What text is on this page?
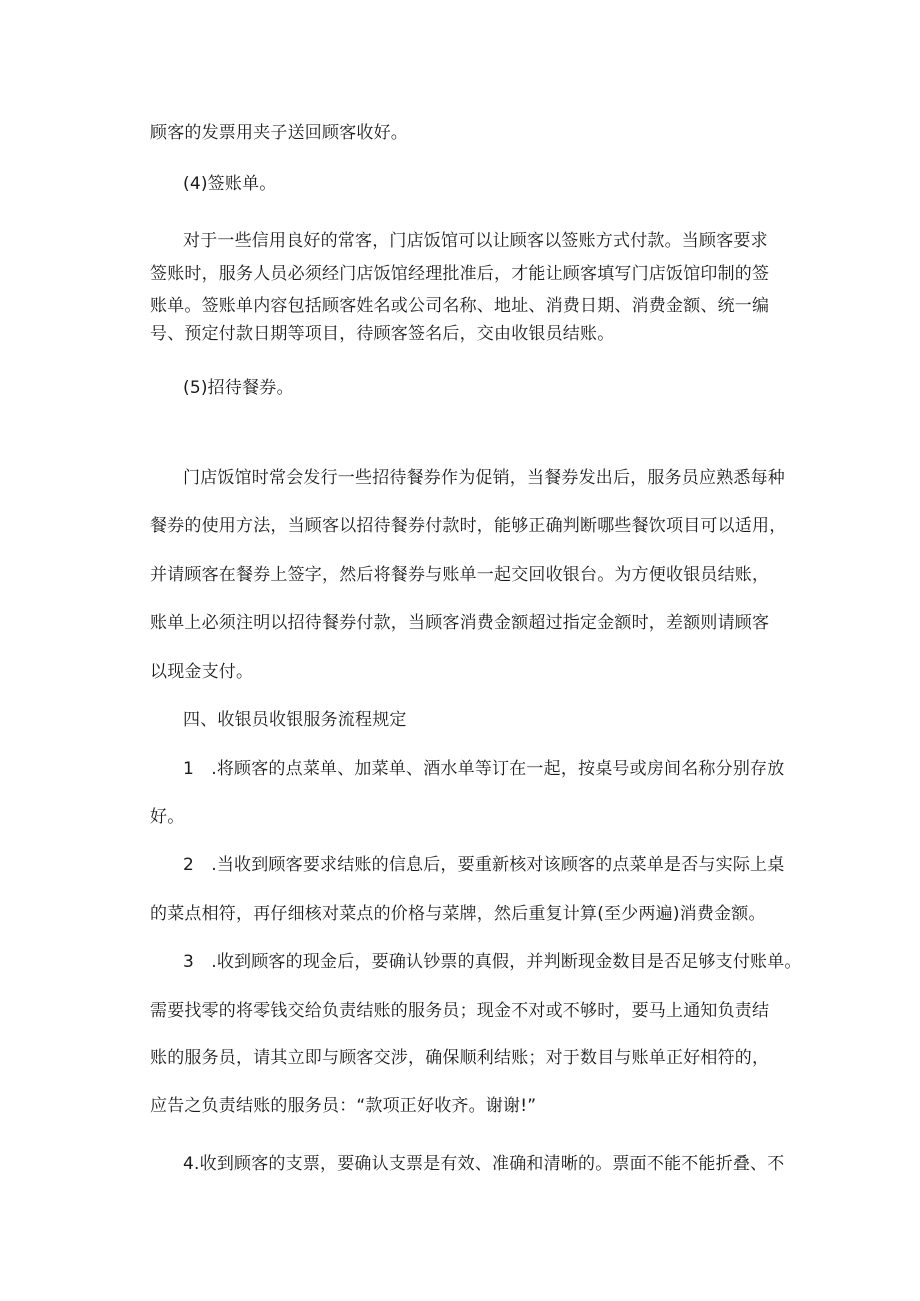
顾客的发票用夹子送回顾客收好。
(4)签账单。
对于一些信用良好的常客，门店饭馆可以让顾客以签账方式付款。当顾客要求
签账时，服务人员必须经门店饭馆经理批准后，才能让顾客填写门店饭馆印制的签
账单。签账单内容包括顾客姓名或公司名称、地址、消费日期、消费金额、统一编
号、预定付款日期等项目，待顾客签名后，交由收银员结账。
(5)招待餐券。
门店饭馆时常会发行一些招待餐券作为促销，当餐券发出后，服务员应熟悉每种
餐券的使用方法，当顾客以招待餐券付款时，能够正确判断哪些餐饮项目可以适用，
并请顾客在餐券上签字，然后将餐券与账单一起交回收银台。为方便收银员结账，
账单上必须注明以招待餐券付款，当顾客消费金额超过指定金额时，差额则请顾客
以现金支付。
四、收银员收银服务流程规定
1　.将顾客的点菜单、加菜单、酒水单等订在一起，按桌号或房间名称分别存放
好。
2　.当收到顾客要求结账的信息后，要重新核对该顾客的点菜单是否与实际上桌
的菜点相符，再仔细核对菜点的价格与菜牌，然后重复计算(至少两遍)消费金额。
3　.收到顾客的现金后，要确认钞票的真假，并判断现金数目是否足够支付账单。
需要找零的将零钱交给负责结账的服务员；现金不对或不够时，要马上通知负责结
账的服务员，请其立即与顾客交涉，确保顺利结账；对于数目与账单正好相符的，
应告之负责结账的服务员：“款项正好收齐。谢谢!”
4.收到顾客的支票，要确认支票是有效、准确和清晰的。票面不能不能折叠、不
